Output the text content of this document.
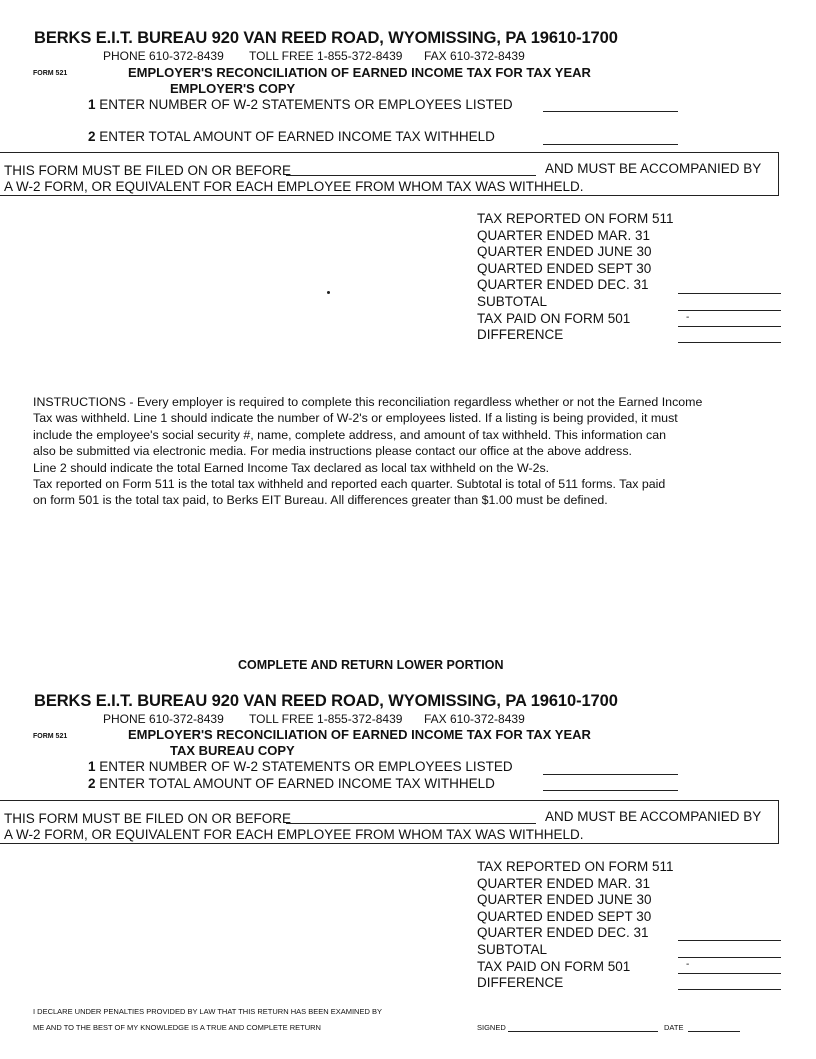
BERKS E.I.T. BUREAU 920 VAN REED ROAD, WYOMISSING, PA 19610-1700
PHONE 610-372-8439 TOLL FREE 1-855-372-8439 FAX 610-372-8439
FORM 521	EMPLOYER'S RECONCILIATION OF EARNED INCOME TAX FOR TAX YEAR
EMPLOYER'S COPY
1 ENTER NUMBER OF W-2 STATEMENTS OR EMPLOYEES LISTED
2 ENTER TOTAL AMOUNT OF EARNED INCOME TAX WITHHELD
THIS FORM MUST BE FILED ON OR BEFORE	AND MUST BE ACCOMPANIED BY
A W-2 FORM, OR EQUIVALENT FOR EACH EMPLOYEE FROM WHOM TAX WAS WITHHELD.
TAX REPORTED ON FORM 511
QUARTER ENDED MAR. 31
QUARTER ENDED JUNE 30
QUARTED ENDED SEPT 30
QUARTER ENDED DEC. 31
SUBTOTAL
TAX PAID ON FORM 501
DIFFERENCE
-
INSTRUCTIONS - Every employer is required to complete this reconciliation regardless whether or not the Earned Income
Tax was withheld. Line 1 should indicate the number of W-2's or employees listed. If a listing is being provided, it must
include the employee's social security #, name, complete address, and amount of tax withheld. This information can
also be submitted via electronic media. For media instructions please contact our office at the above address.
Line 2 should indicate the total Earned Income Tax declared as local tax withheld on the W-2s.
Tax reported on Form 511 is the total tax withheld and reported each quarter. Subtotal is total of 511 forms. Tax paid
on form 501 is the total tax paid, to Berks EIT Bureau. All differences greater than $1.00 must be defined.
COMPLETE AND RETURN LOWER PORTION
BERKS E.I.T. BUREAU 920 VAN REED ROAD, WYOMISSING, PA 19610-1700
PHONE 610-372-8439 TOLL FREE 1-855-372-8439 FAX 610-372-8439
FORM 521	EMPLOYER'S RECONCILIATION OF EARNED INCOME TAX FOR TAX YEAR
TAX BUREAU COPY
1 ENTER NUMBER OF W-2 STATEMENTS OR EMPLOYEES LISTED
2 ENTER TOTAL AMOUNT OF EARNED INCOME TAX WITHHELD
THIS FORM MUST BE FILED ON OR BEFORE	AND MUST BE ACCOMPANIED BY
A W-2 FORM, OR EQUIVALENT FOR EACH EMPLOYEE FROM WHOM TAX WAS WITHHELD.
TAX REPORTED ON FORM 511
QUARTER ENDED MAR. 31
QUARTER ENDED JUNE 30
QUARTED ENDED SEPT 30
QUARTER ENDED DEC. 31
SUBTOTAL
TAX PAID ON FORM 501
DIFFERENCE
-
I DECLARE UNDER PENALTIES PROVIDED BY LAW THAT THIS RETURN HAS BEEN EXAMINED BY
ME AND TO THE BEST OF MY KNOWLEDGE IS A TRUE AND COMPLETE RETURN	SIGNED	DATE
